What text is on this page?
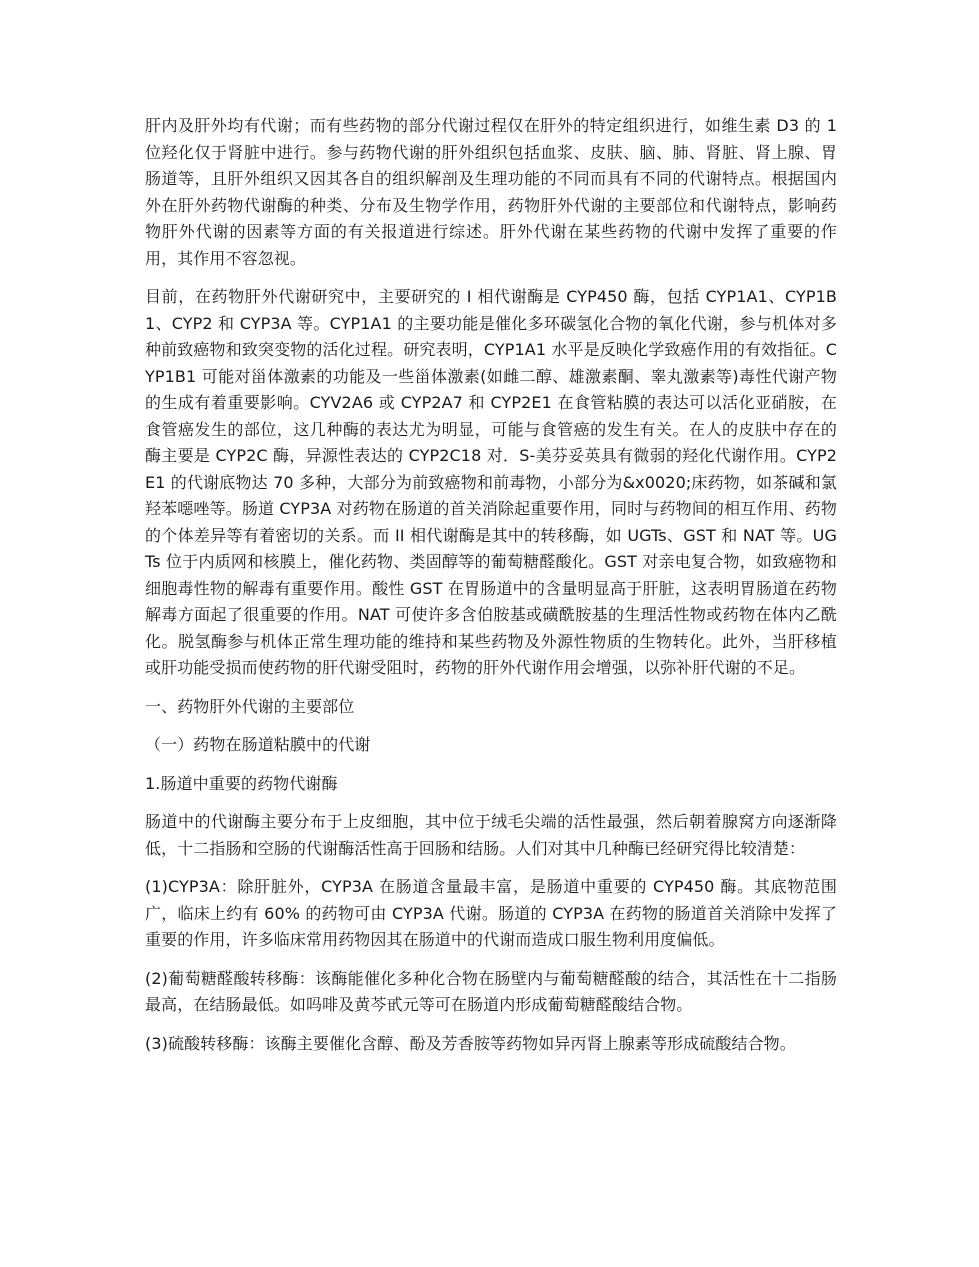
肝内及肝外均有代谢；而有些药物的部分代谢过程仅在肝外的特定组织进行，如维生素 D3 的 1 位羟化仅于肾脏中进行。参与药物代谢的肝外组织包括血浆、皮肤、脑、肺、肾脏、肾上腺、胃肠道等，且肝外组织又因其各自的组织解剖及生理功能的不同而具有不同的代谢特点。根据国内外在肝外药物代谢酶的种类、分布及生物学作用，药物肝外代谢的主要部位和代谢特点，影响药物肝外代谢的因素等方面的有关报道进行综述。肝外代谢在某些药物的代谢中发挥了重要的作用，其作用不容忽视。

目前，在药物肝外代谢研究中，主要研究的 I 相代谢酶是 CYP450 酶，包括 CYP1A1、CYP1B1、CYP2 和 CYP3A 等。CYP1A1 的主要功能是催化多环碳氢化合物的氧化代谢，参与机体对多种前致癌物和致突变物的活化过程。研究表明，CYP1A1 水平是反映化学致癌作用的有效指征。CYP1B1 可能对甾体激素的功能及一些甾体激素(如雌二醇、雄激素酮、睾丸激素等)毒性代谢产物的生成有着重要影响。CYV2A6 或 CYP2A7 和 CYP2E1 在食管粘膜的表达可以活化亚硝胺，在食管癌发生的部位，这几种酶的表达尤为明显，可能与食管癌的发生有关。在人的皮肤中存在的酶主要是 CYP2C 酶，异源性表达的 CYP2C18 对．S-美芬妥英具有微弱的羟化代谢作用。CYP2E1 的代谢底物达 70 多种，大部分为前致癌物和前毒物，小部分为&x0020;床药物，如茶碱和氯羟苯噁唑等。肠道 CYP3A 对药物在肠道的首关消除起重要作用，同时与药物间的相互作用、药物的个体差异等有着密切的关系。而 II 相代谢酶是其中的转移酶，如 UGTs、GST 和 NAT 等。UGTs 位于内质网和核膜上，催化药物、类固醇等的葡萄糖醛酸化。GST 对亲电复合物，如致癌物和细胞毒性物的解毒有重要作用。酸性 GST 在胃肠道中的含量明显高于肝脏，这表明胃肠道在药物解毒方面起了很重要的作用。NAT 可使许多含伯胺基或磺酰胺基的生理活性物或药物在体内乙酰化。脱氢酶参与机体正常生理功能的维持和某些药物及外源性物质的生物转化。此外，当肝移植或肝功能受损而使药物的肝代谢受阻时，药物的肝外代谢作用会增强，以弥补肝代谢的不足。

一、药物肝外代谢的主要部位

（一）药物在肠道粘膜中的代谢

1.肠道中重要的药物代谢酶

肠道中的代谢酶主要分布于上皮细胞，其中位于绒毛尖端的活性最强，然后朝着腺窝方向逐渐降低，十二指肠和空肠的代谢酶活性高于回肠和结肠。人们对其中几种酶已经研究得比较清楚：

(1)CYP3A：除肝脏外，CYP3A 在肠道含量最丰富，是肠道中重要的 CYP450 酶。其底物范围广，临床上约有 60% 的药物可由 CYP3A 代谢。肠道的 CYP3A 在药物的肠道首关消除中发挥了重要的作用，许多临床常用药物因其在肠道中的代谢而造成口服生物利用度偏低。

(2)葡萄糖醛酸转移酶：该酶能催化多种化合物在肠壁内与葡萄糖醛酸的结合，其活性在十二指肠最高，在结肠最低。如吗啡及黄芩甙元等可在肠道内形成葡萄糖醛酸结合物。

(3)硫酸转移酶：该酶主要催化含醇、酚及芳香胺等药物如异丙肾上腺素等形成硫酸结合物。
